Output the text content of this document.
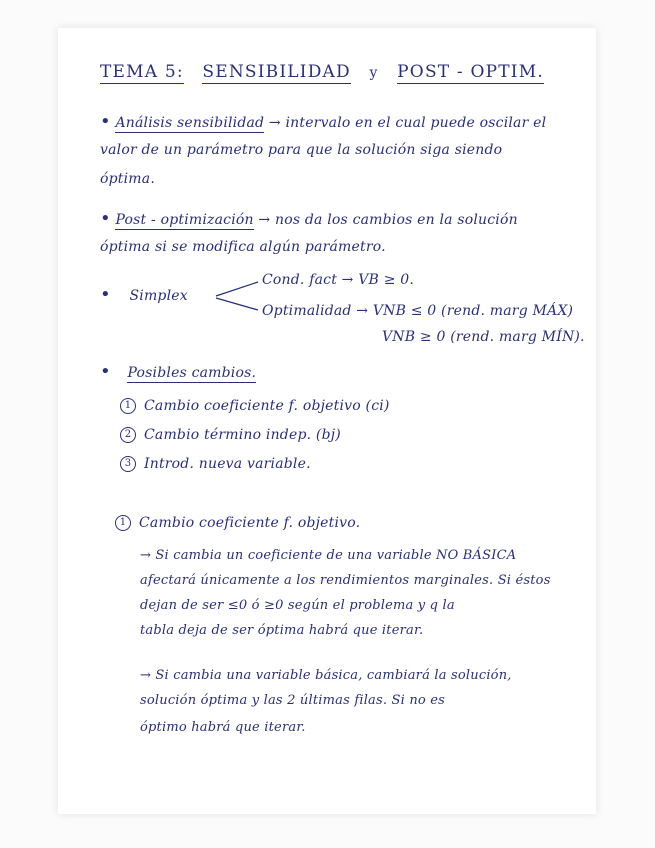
TEMA 5: SENSIBILIDAD y POST - OPTIM.
• Análisis sensibilidad → intervalo en el cual puede oscilar el
valor de un parámetro para que la solución siga siendo
óptima.
• Post - optimización → nos da los cambios en la solución
óptima si se modifica algún parámetro.
• Simplex
Cond. fact → VB ≥ 0.
Optimalidad → VNB ≤ 0 (rend. marg MÁX)
VNB ≥ 0 (rend. marg MÍN).
• Posibles cambios.
1 Cambio coeficiente f. objetivo (ci)
2 Cambio término indep. (bj)
3 Introd. nueva variable.
1 Cambio coeficiente f. objetivo.
→ Si cambia un coeficiente de una variable NO BÁSICA
afectará únicamente a los rendimientos marginales. Si éstos
dejan de ser ≤0 ó ≥0 según el problema y q la
tabla deja de ser óptima habrá que iterar.
→ Si cambia una variable básica, cambiará la solución,
solución óptima y las 2 últimas filas. Si no es
óptimo habrá que iterar.
